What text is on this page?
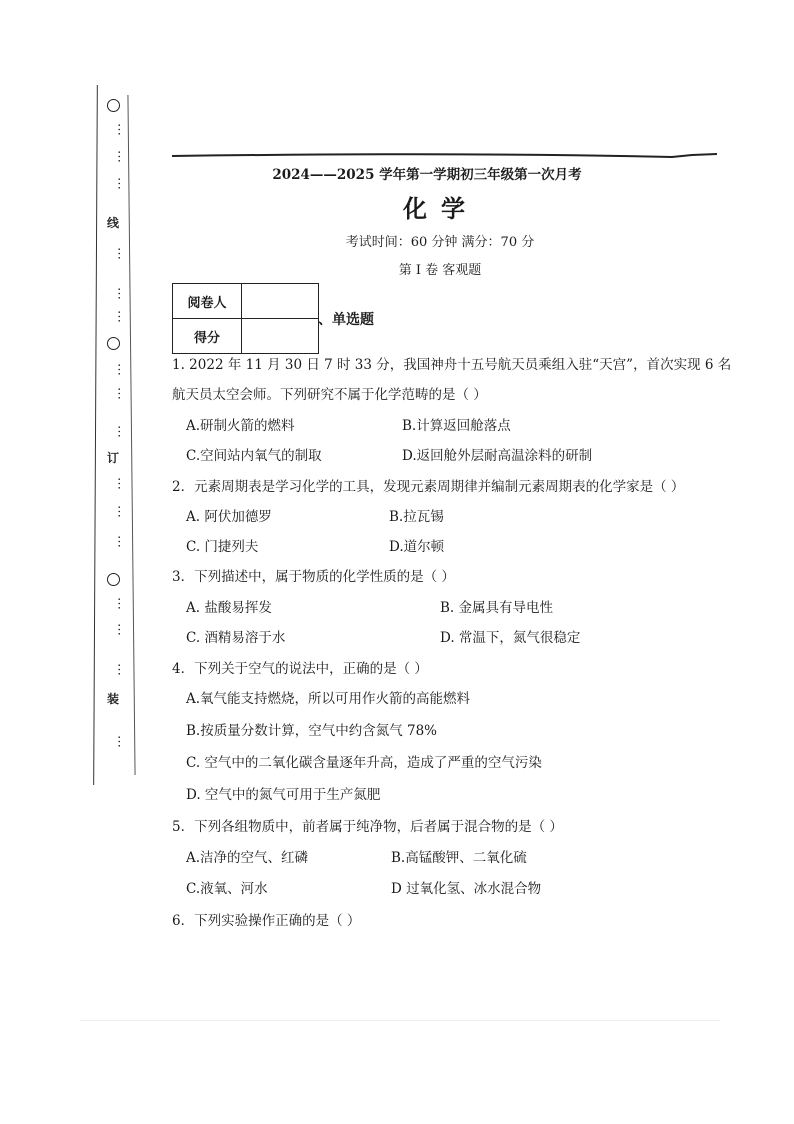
⋯
⋯
⋯
线
⋯
⋯
⋯
⋯
⋯
⋯
订
⋯
⋯
⋯
⋯
⋯
⋯
装
⋯
2024——2025 学年第一学期初三年级第一次月考
化学
考试时间：60 分钟 满分：70 分
第 I 卷 客观题
阅卷人	
得分	
、单选题
1. 2022 年 11 月 30 日 7 时 33 分，我国神舟十五号航天员乘组入驻“天宫”，首次实现 6 名
航天员太空会师。下列研究不属于化学范畴的是（ ）
A.研制火箭的燃料	B.计算返回舱落点
C.空间站内氧气的制取	D.返回舱外层耐高温涂料的研制
2．元素周期表是学习化学的工具，发现元素周期律并编制元素周期表的化学家是（ ）
A. 阿伏加德罗	B.拉瓦锡
C. 门捷列夫	D.道尔顿
3．下列描述中，属于物质的化学性质的是（ ）
A. 盐酸易挥发	B. 金属具有导电性
C. 酒精易溶于水	D. 常温下，氮气很稳定
4．下列关于空气的说法中，正确的是（ ）
A.氧气能支持燃烧，所以可用作火箭的高能燃料
B.按质量分数计算，空气中约含氮气 78%
C. 空气中的二氧化碳含量逐年升高，造成了严重的空气污染
D. 空气中的氮气可用于生产氮肥
5．下列各组物质中，前者属于纯净物，后者属于混合物的是（ ）
A.洁净的空气、红磷	B.高锰酸钾、二氧化硫
C.液氧、河水	D 过氧化氢、冰水混合物
6．下列实验操作正确的是（ ）
